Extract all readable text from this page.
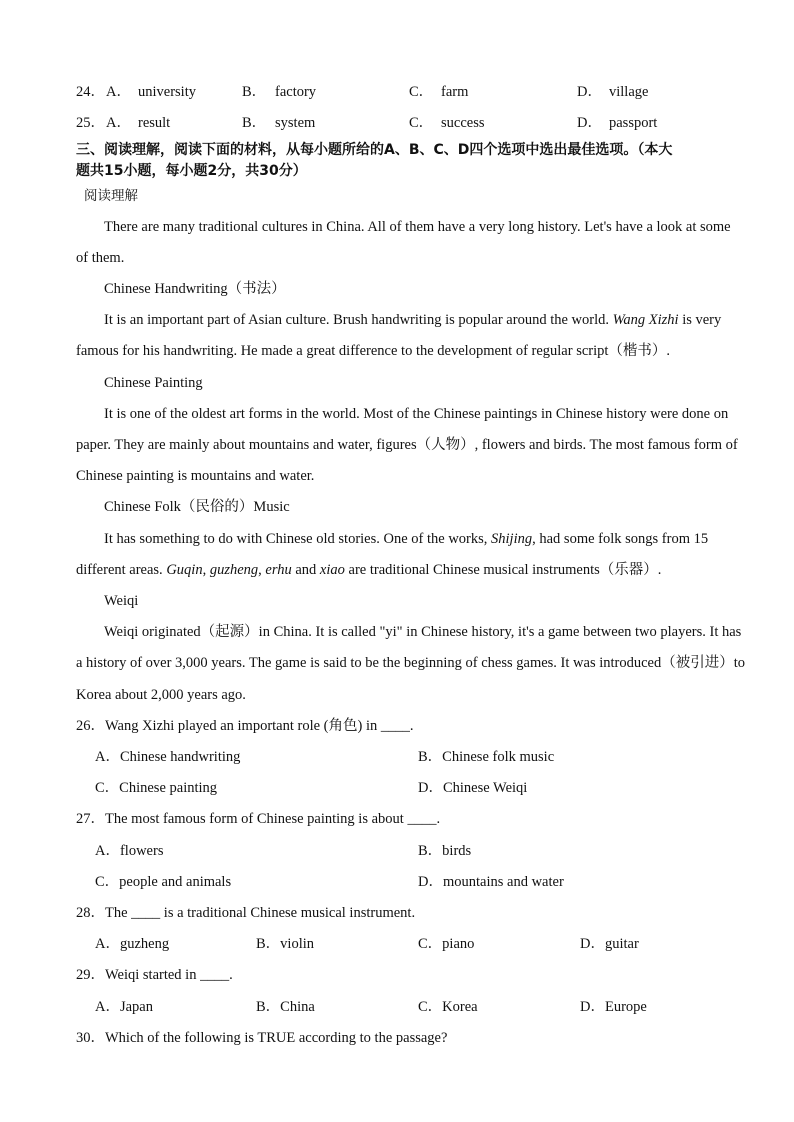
24． A． university	B． factory	C． farm	D． village
25． A． result	B． system	C． success	D． passport
三、阅读理解，阅读下面的材料，从每小题所给的A、B、C、D四个选项中选出最佳选项。（本大
题共15小题，每小题2分，共30分）
阅读理解
There are many traditional cultures in China. All of them have a very long history. Let's have a look at some
of them.
Chinese Handwriting（书法）
It is an important part of Asian culture. Brush handwriting is popular around the world. Wang Xizhi is very
famous for his handwriting. He made a great difference to the development of regular script（楷书）.
Chinese Painting
It is one of the oldest art forms in the world. Most of the Chinese paintings in Chinese history were done on
paper. They are mainly about mountains and water, figures（人物）, flowers and birds. The most famous form of
Chinese painting is mountains and water.
Chinese Folk（民俗的）Music
It has something to do with Chinese old stories. One of the works, Shijing, had some folk songs from 15
different areas. Guqin, guzheng, erhu and xiao are traditional Chinese musical instruments（乐器）.
Weiqi
Weiqi originated（起源）in China. It is called "yi" in Chinese history, it's a game between two players. It has
a history of over 3,000 years. The game is said to be the beginning of chess games. It was introduced（被引进）to
Korea about 2,000 years ago.
26．Wang Xizhi played an important role (角色) in ____.
A．Chinese handwriting	B．Chinese folk music
C．Chinese painting	D．Chinese Weiqi
27．The most famous form of Chinese painting is about ____.
A．flowers	B．birds
C．people and animals	D．mountains and water
28．The ____ is a traditional Chinese musical instrument.
A．guzheng	B．violin	C．piano	D．guitar
29．Weiqi started in ____.
A．Japan	B．China	C．Korea	D．Europe
30．Which of the following is TRUE according to the passage?
